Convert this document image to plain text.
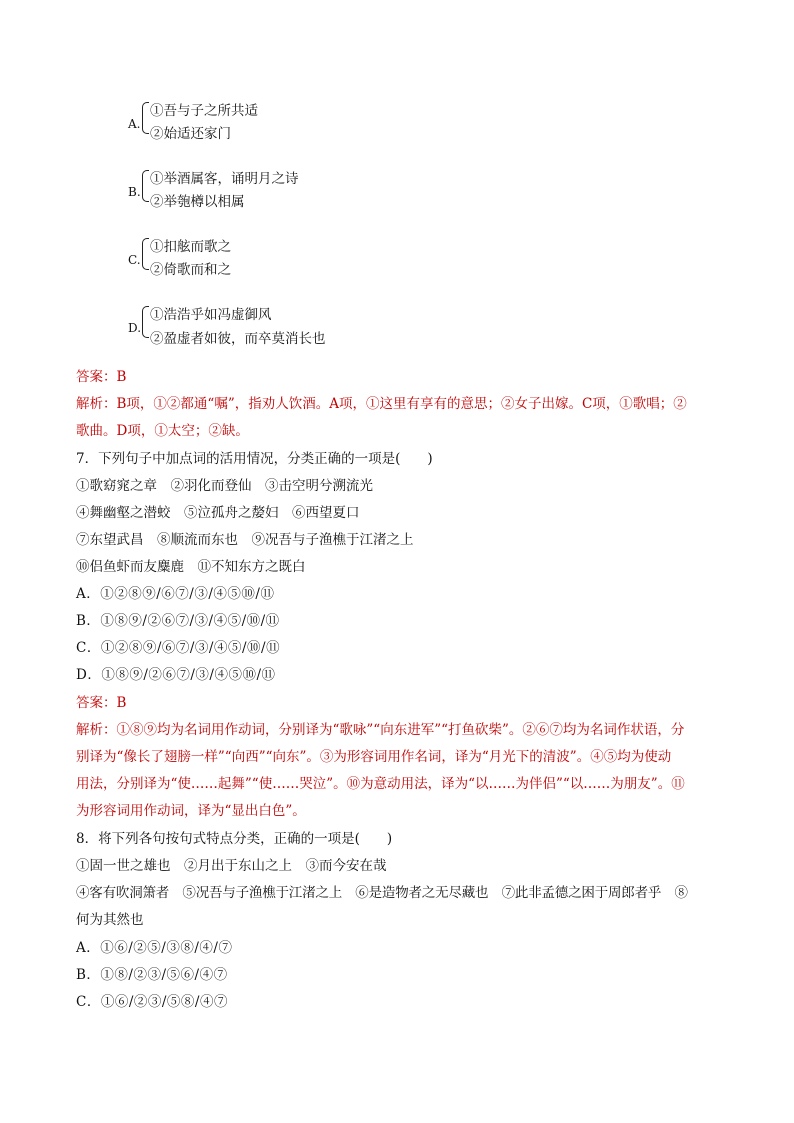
A.
①吾与子之所共适
②始适还家门
B.
①举酒属客，诵明月之诗
②举匏樽以相属
C.
①扣舷而歌之
②倚歌而和之
D.
①浩浩乎如冯虚御风
②盈虚者如彼，而卒莫消长也
答案：B
解析：B项，①②都通“嘱”，指劝人饮酒。A项，①这里有享有的意思；②女子出嫁。C项，①歌唱；②
歌曲。D项，①太空；②缺。
7．下列句子中加点词的活用情况，分类正确的一项是(　　)
①歌窈窕之章　②羽化而登仙　③击空明兮溯流光
④舞幽壑之潜蛟　⑤泣孤舟之嫠妇　⑥西望夏口
⑦东望武昌　⑧顺流而东也　⑨况吾与子渔樵于江渚之上
⑩侣鱼虾而友麋鹿　⑪不知东方之既白
A．①②⑧⑨/⑥⑦/③/④⑤⑩/⑪
B．①⑧⑨/②⑥⑦/③/④⑤/⑩/⑪
C．①②⑧⑨/⑥⑦/③/④⑤/⑩/⑪
D．①⑧⑨/②⑥⑦/③/④⑤⑩/⑪
答案：B
解析：①⑧⑨均为名词用作动词，分别译为“歌咏”“向东进军”“打鱼砍柴”。②⑥⑦均为名词作状语，分
别译为“像长了翅膀一样”“向西”“向东”。③为形容词用作名词，译为“月光下的清波”。④⑤均为使动
用法，分别译为“使……起舞”“使……哭泣”。⑩为意动用法，译为“以……为伴侣”“以……为朋友”。⑪
为形容词用作动词，译为“显出白色”。
8．将下列各句按句式特点分类，正确的一项是(　　)
①固一世之雄也　②月出于东山之上　③而今安在哉
④客有吹洞箫者　⑤况吾与子渔樵于江渚之上　⑥是造物者之无尽藏也　⑦此非孟德之困于周郎者乎　⑧
何为其然也
A．①⑥/②⑤/③⑧/④/⑦
B．①⑧/②③/⑤⑥/④⑦
C．①⑥/②③/⑤⑧/④⑦
